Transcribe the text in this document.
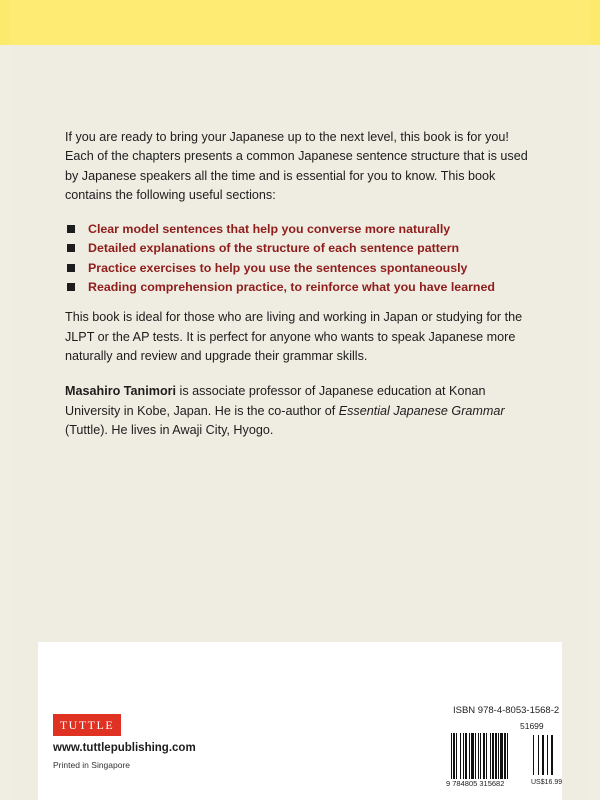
If you are ready to bring your Japanese up to the next level, this book is for you! Each of the chapters presents a common Japanese sentence structure that is used by Japanese speakers all the time and is essential for you to know. This book contains the following useful sections:

Clear model sentences that help you converse more naturally
Detailed explanations of the structure of each sentence pattern
Practice exercises to help you use the sentences spontaneously
Reading comprehension practice, to reinforce what you have learned

This book is ideal for those who are living and working in Japan or studying for the JLPT or the AP tests. It is perfect for anyone who wants to speak Japanese more naturally and review and upgrade their grammar skills.

Masahiro Tanimori is associate professor of Japanese education at Konan University in Kobe, Japan. He is the co-author of Essential Japanese Grammar (Tuttle). He lives in Awaji City, Hyogo.

TUTTLE
www.tuttlepublishing.com
Printed in Singapore
ISBN 978-4-8053-1568-2
51699
9 784805 315682	US$16.99
